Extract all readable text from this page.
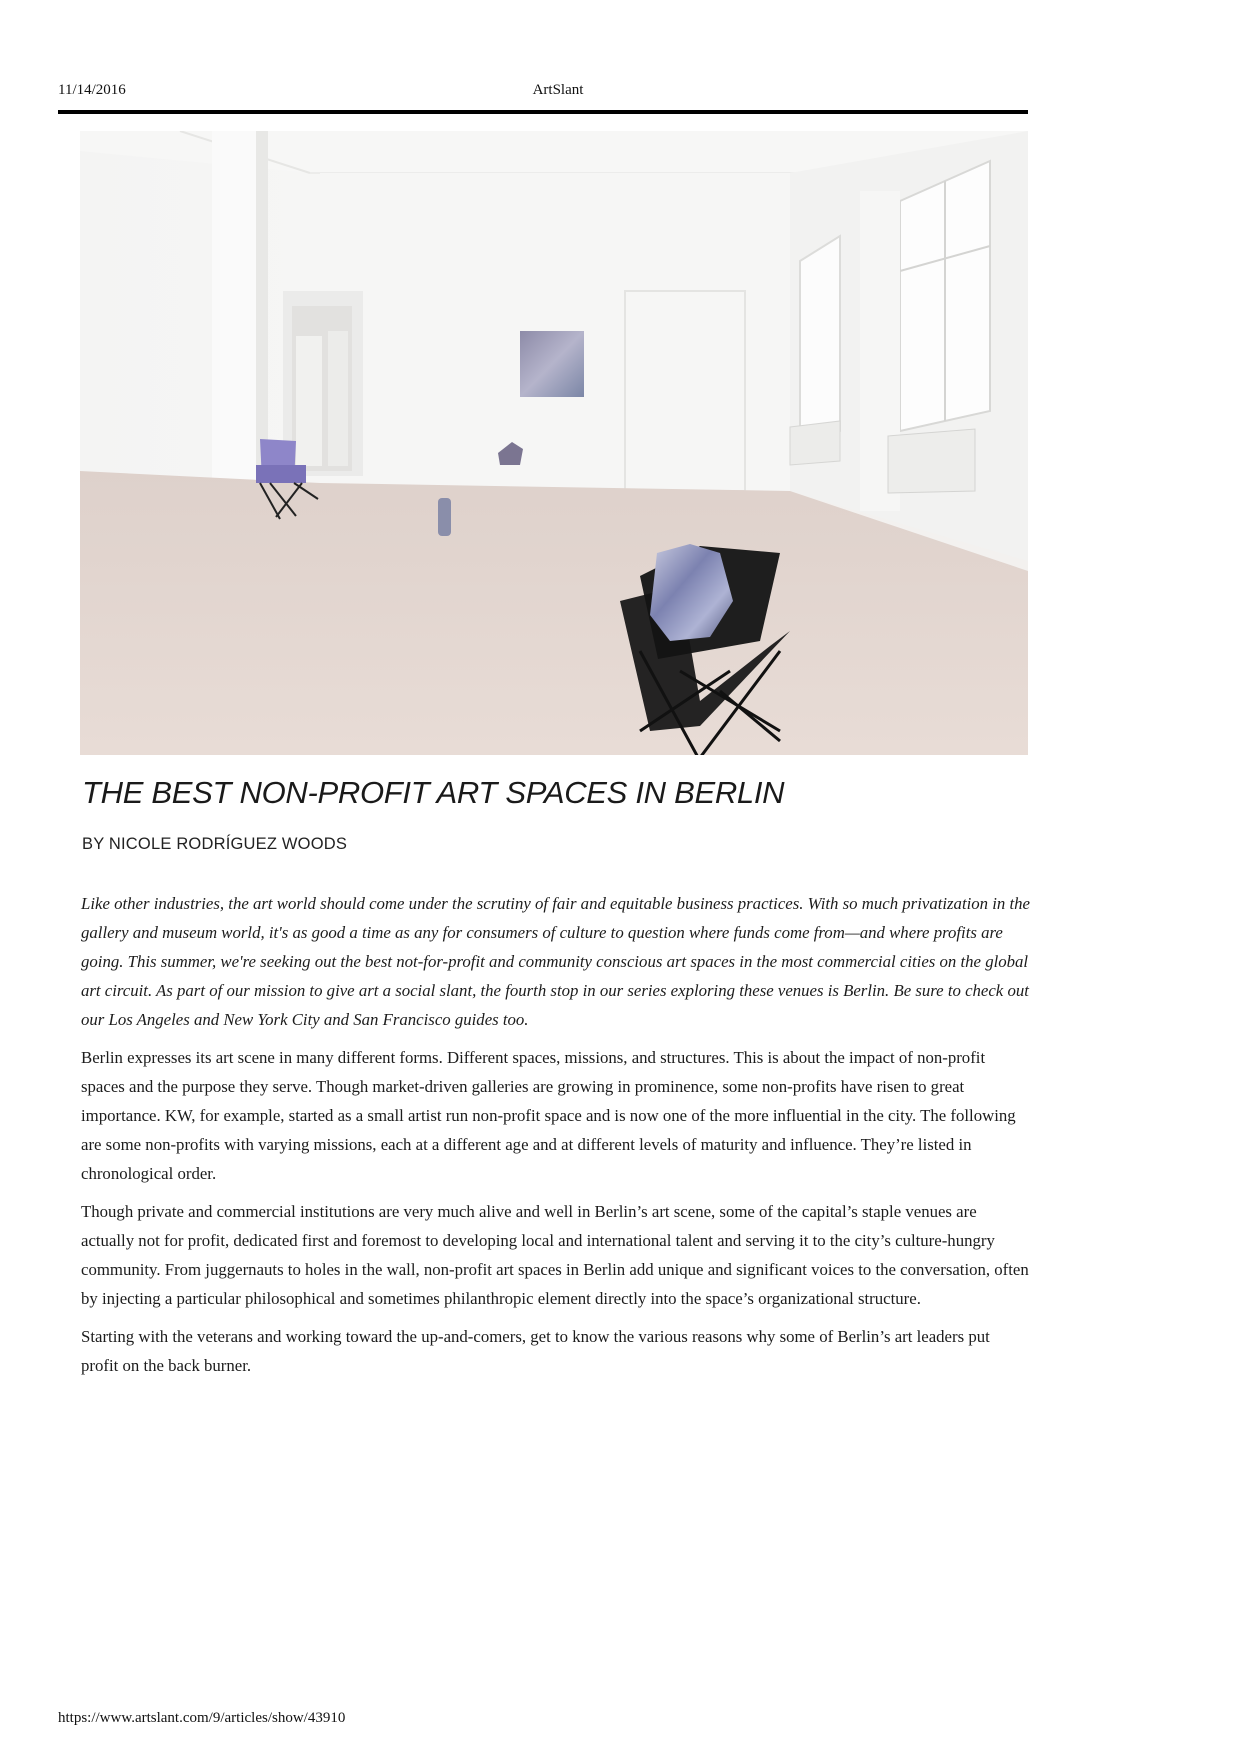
11/14/2016	ArtSlant
THE BEST NON-PROFIT ART SPACES IN BERLIN
BY NICOLE RODRÍGUEZ WOODS

Like other industries, the art world should come under the scrutiny of fair and equitable business practices. With so much privatization in the gallery and museum world, it's as good a time as any for consumers of culture to question where funds come from—and where profits are going. This summer, we're seeking out the best not-for-profit and community conscious art spaces in the most commercial cities on the global art circuit. As part of our mission to give art a social slant, the fourth stop in our series exploring these venues is Berlin. Be sure to check out our Los Angeles and New York City and San Francisco guides too.

Berlin expresses its art scene in many different forms. Different spaces, missions, and structures. This is about the impact of non-profit spaces and the purpose they serve. Though market-driven galleries are growing in prominence, some non-profits have risen to great importance. KW, for example, started as a small artist run non-profit space and is now one of the more influential in the city. The following are some non-profits with varying missions, each at a different age and at different levels of maturity and influence. They’re listed in chronological order.

Though private and commercial institutions are very much alive and well in Berlin’s art scene, some of the capital’s staple venues are actually not for profit, dedicated first and foremost to developing local and international talent and serving it to the city’s culture-hungry community. From juggernauts to holes in the wall, non-profit art spaces in Berlin add unique and significant voices to the conversation, often by injecting a particular philosophical and sometimes philanthropic element directly into the space’s organizational structure.

Starting with the veterans and working toward the up-and-comers, get to know the various reasons why some of Berlin’s art leaders put profit on the back burner.

https://www.artslant.com/9/articles/show/43910
